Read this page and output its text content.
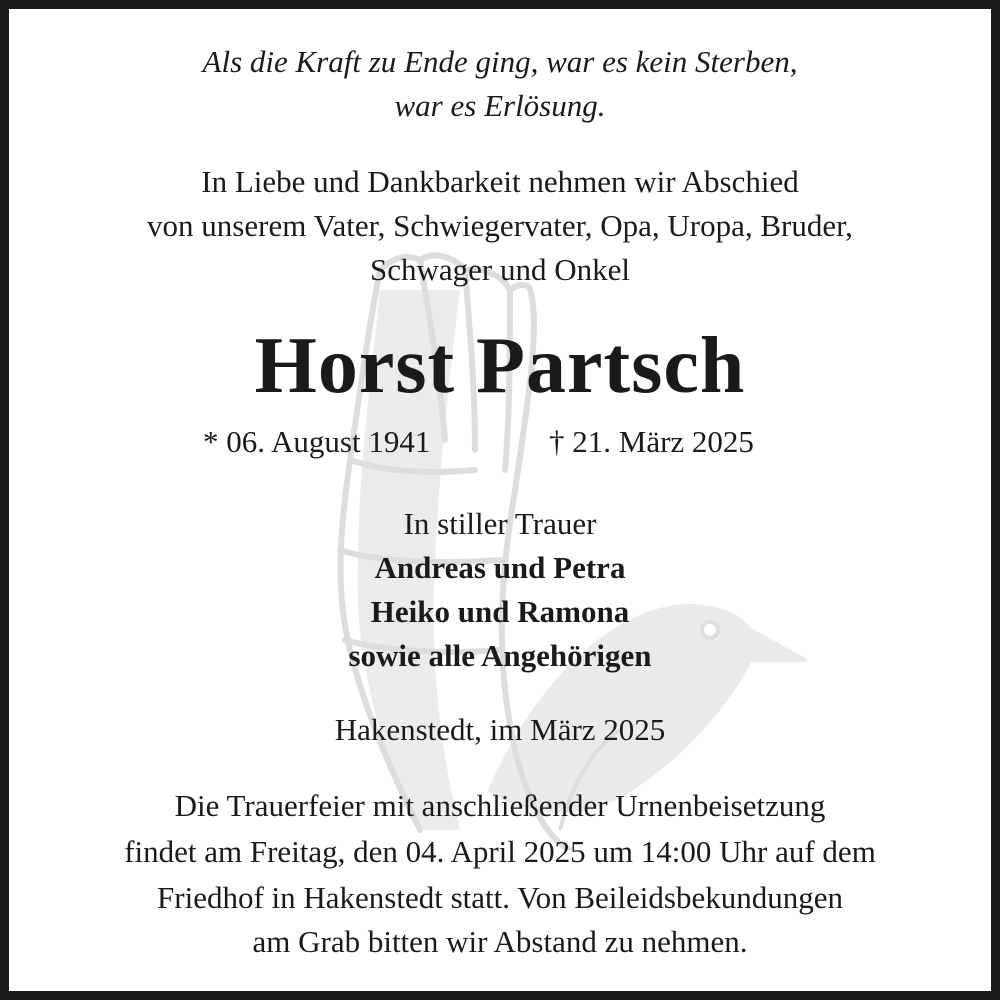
Als die Kraft zu Ende ging, war es kein Sterben,
war es Erlösung.
In Liebe und Dankbarkeit nehmen wir Abschied
von unserem Vater, Schwiegervater, Opa, Uropa, Bruder,
Schwager und Onkel
Horst Partsch
* 06. August 1941	† 21. März 2025
In stiller Trauer
Andreas und Petra
Heiko und Ramona
sowie alle Angehörigen
Hakenstedt, im März 2025
Die Trauerfeier mit anschließender Urnenbeisetzung
findet am Freitag, den 04. April 2025 um 14:00 Uhr auf dem
Friedhof in Hakenstedt statt. Von Beileidsbekundungen
am Grab bitten wir Abstand zu nehmen.
